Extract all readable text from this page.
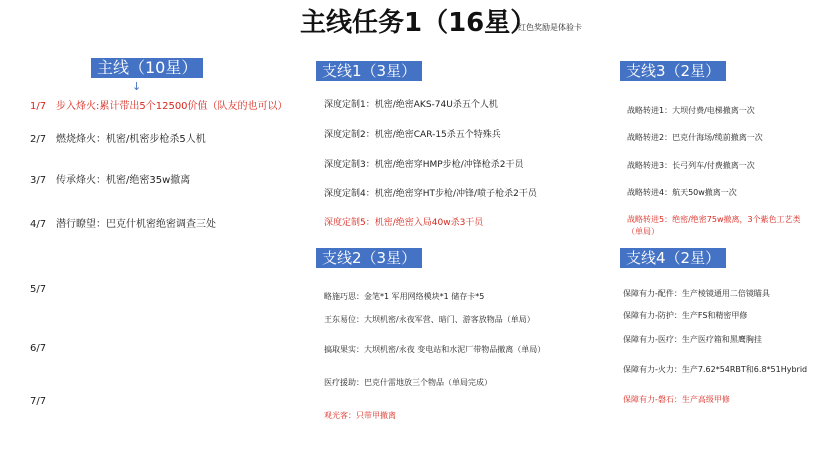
主线任务1（16星）
红色奖励是体验卡
主线（10星）
↓
1/7 步入烽火:累计带出5个12500价值（队友的也可以）
2/7 燃烧烽火：机密/机密步枪杀5人机
3/7 传承烽火：机密/绝密35w撤离
4/7 潜行瞭望：巴克什机密绝密调查三处
5/7
6/7
7/7
支线1（3星）
深度定制1：机密/绝密AKS-74U杀五个人机
深度定制2：机密/绝密CAR-15杀五个特殊兵
深度定制3：机密/绝密穿HMP步枪/冲锋枪杀2干员
深度定制4：机密/绝密穿HT步枪/冲锋/喷子枪杀2干员
深度定制5：机密/绝密入局40w杀3干员
支线2（3星）
略施巧思：金笔*1 军用网络模块*1 储存卡*5
王东易位：大坝机密/永夜军营、暗门、游客放物品（单局）
搞取果实：大坝机密/永夜 变电站和水泥厂带物品撤离（单局）
医疗援助：巴克什雷地放三个物品（单局完成）
观光客：只带甲撤离
支线3（2星）
战略转进1：大坝付费/电梯撤离一次
战略转进2：巴克什海场/缆前撤离一次
战略转进3：长弓列车/付费撤离一次
战略转进4：航天50w撤离一次
战略转进5：绝密/绝密75w撤离，3个紫色工艺类
（单局）
支线4（2星）
保障有力-配件：生产棱镜通用二倍镜瞄具
保障有力-防护：生产FS和精密甲修
保障有力-医疗：生产医疗箱和黑鹰胸挂
保障有力-火力：生产7.62*54RBT和6.8*51Hybrid
保障有力-磐石：生产高级甲修
